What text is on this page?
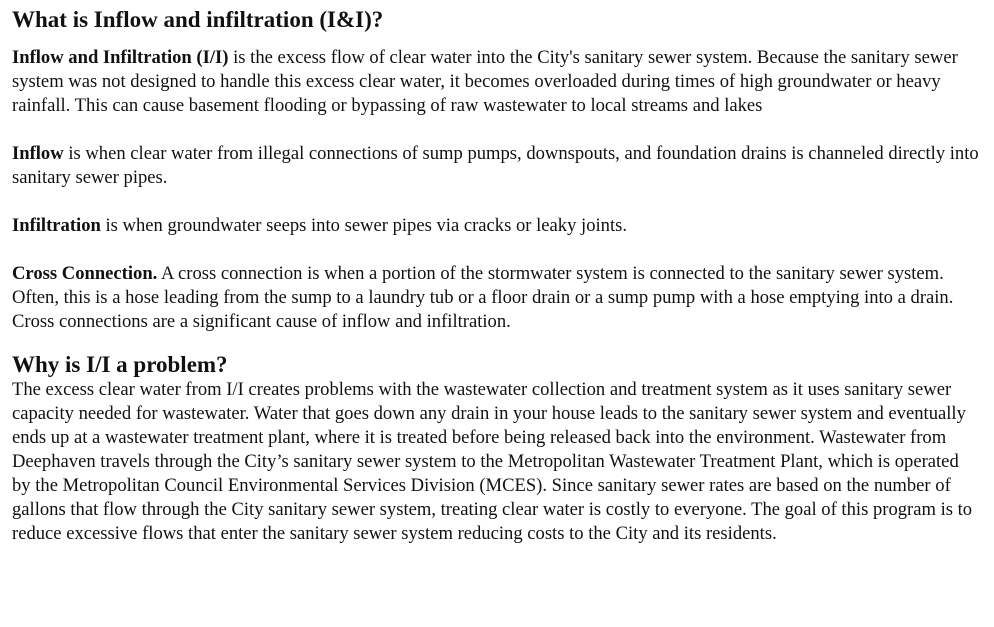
What is Inflow and infiltration (I&I)?

Inflow and Infiltration (I/I) is the excess flow of clear water into the City's sanitary sewer system. Because the sanitary sewer system was not designed to handle this excess clear water, it becomes overloaded during times of high groundwater or heavy rainfall. This can cause basement flooding or bypassing of raw wastewater to local streams and lakes

Inflow is when clear water from illegal connections of sump pumps, downspouts, and foundation drains is channeled directly into sanitary sewer pipes.

Infiltration is when groundwater seeps into sewer pipes via cracks or leaky joints.

Cross Connection. A cross connection is when a portion of the stormwater system is connected to the sanitary sewer system. Often, this is a hose leading from the sump to a laundry tub or a floor drain or a sump pump with a hose emptying into a drain. Cross connections are a significant cause of inflow and infiltration.

Why is I/I a problem?

The excess clear water from I/I creates problems with the wastewater collection and treatment system as it uses sanitary sewer capacity needed for wastewater. Water that goes down any drain in your house leads to the sanitary sewer system and eventually ends up at a wastewater treatment plant, where it is treated before being released back into the environment. Wastewater from Deephaven travels through the City’s sanitary sewer system to the Metropolitan Wastewater Treatment Plant, which is operated by the Metropolitan Council Environmental Services Division (MCES). Since sanitary sewer rates are based on the number of gallons that flow through the City sanitary sewer system, treating clear water is costly to everyone. The goal of this program is to reduce excessive flows that enter the sanitary sewer system reducing costs to the City and its residents.
